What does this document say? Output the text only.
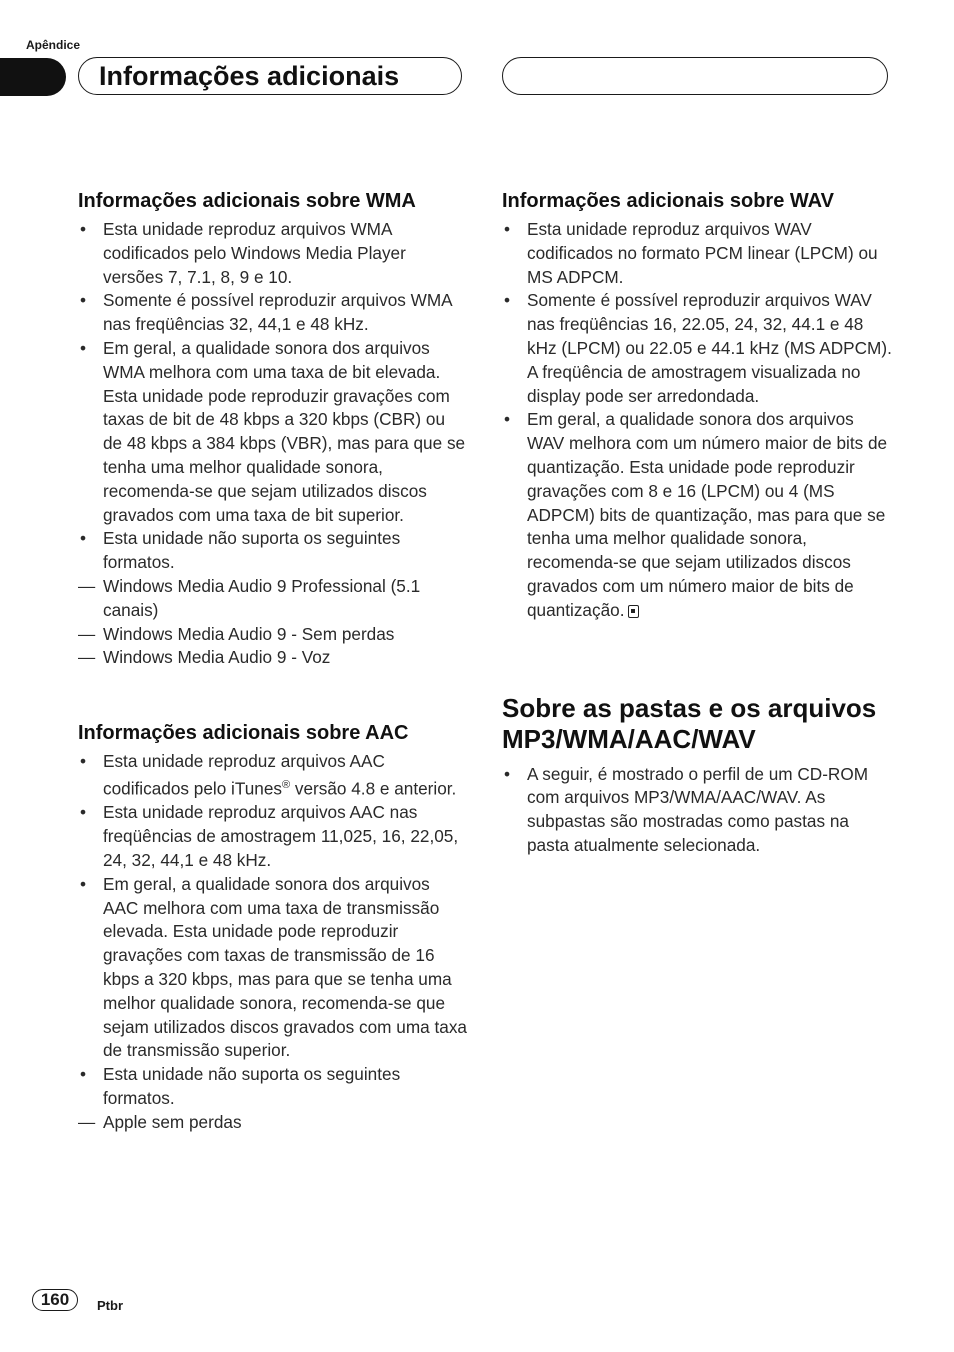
Apêndice
Informações adicionais
Informações adicionais sobre WMA
• Esta unidade reproduz arquivos WMA codificados pelo Windows Media Player versões 7, 7.1, 8, 9 e 10.
• Somente é possível reproduzir arquivos WMA nas freqüências 32, 44,1 e 48 kHz.
• Em geral, a qualidade sonora dos arquivos WMA melhora com uma taxa de bit elevada. Esta unidade pode reproduzir gravações com taxas de bit de 48 kbps a 320 kbps (CBR) ou de 48 kbps a 384 kbps (VBR), mas para que se tenha uma melhor qualidade sonora, recomenda-se que sejam utilizados discos gravados com uma taxa de bit superior.
• Esta unidade não suporta os seguintes formatos.
— Windows Media Audio 9 Professional (5.1 canais)
— Windows Media Audio 9 - Sem perdas
— Windows Media Audio 9 - Voz
Informações adicionais sobre AAC
• Esta unidade reproduz arquivos AAC codificados pelo iTunes® versão 4.8 e anterior.
• Esta unidade reproduz arquivos AAC nas freqüências de amostragem 11,025, 16, 22,05, 24, 32, 44,1 e 48 kHz.
• Em geral, a qualidade sonora dos arquivos AAC melhora com uma taxa de transmissão elevada. Esta unidade pode reproduzir gravações com taxas de transmissão de 16 kbps a 320 kbps, mas para que se tenha uma melhor qualidade sonora, recomenda-se que sejam utilizados discos gravados com uma taxa de transmissão superior.
• Esta unidade não suporta os seguintes formatos.
— Apple sem perdas
Informações adicionais sobre WAV
• Esta unidade reproduz arquivos WAV codificados no formato PCM linear (LPCM) ou MS ADPCM.
• Somente é possível reproduzir arquivos WAV nas freqüências 16, 22.05, 24, 32, 44.1 e 48 kHz (LPCM) ou 22.05 e 44.1 kHz (MS ADPCM). A freqüência de amostragem visualizada no display pode ser arredondada.
• Em geral, a qualidade sonora dos arquivos WAV melhora com um número maior de bits de quantização. Esta unidade pode reproduzir gravações com 8 e 16 (LPCM) ou 4 (MS ADPCM) bits de quantização, mas para que se tenha uma melhor qualidade sonora, recomenda-se que sejam utilizados discos gravados com um número maior de bits de quantização.
Sobre as pastas e os arquivos MP3/WMA/AAC/WAV
• A seguir, é mostrado o perfil de um CD-ROM com arquivos MP3/WMA/AAC/WAV. As subpastas são mostradas como pastas na pasta atualmente selecionada.
160	Ptbr
